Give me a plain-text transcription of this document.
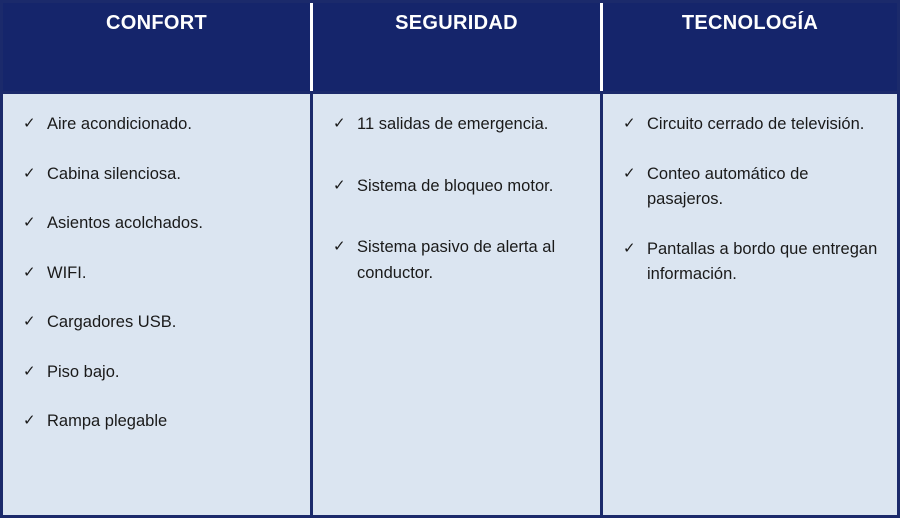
CONFORT	SEGURIDAD	TECNOLOGÍA
✓ Aire acondicionado.
✓ Cabina silenciosa.
✓ Asientos acolchados.
✓ WIFI.
✓ Cargadores USB.
✓ Piso bajo.
✓ Rampa plegable
✓ 11 salidas de emergencia.
✓ Sistema de bloqueo motor.
✓ Sistema pasivo de alerta al conductor.
✓ Circuito cerrado de televisión.
✓ Conteo automático de pasajeros.
✓ Pantallas a bordo que entregan información.
